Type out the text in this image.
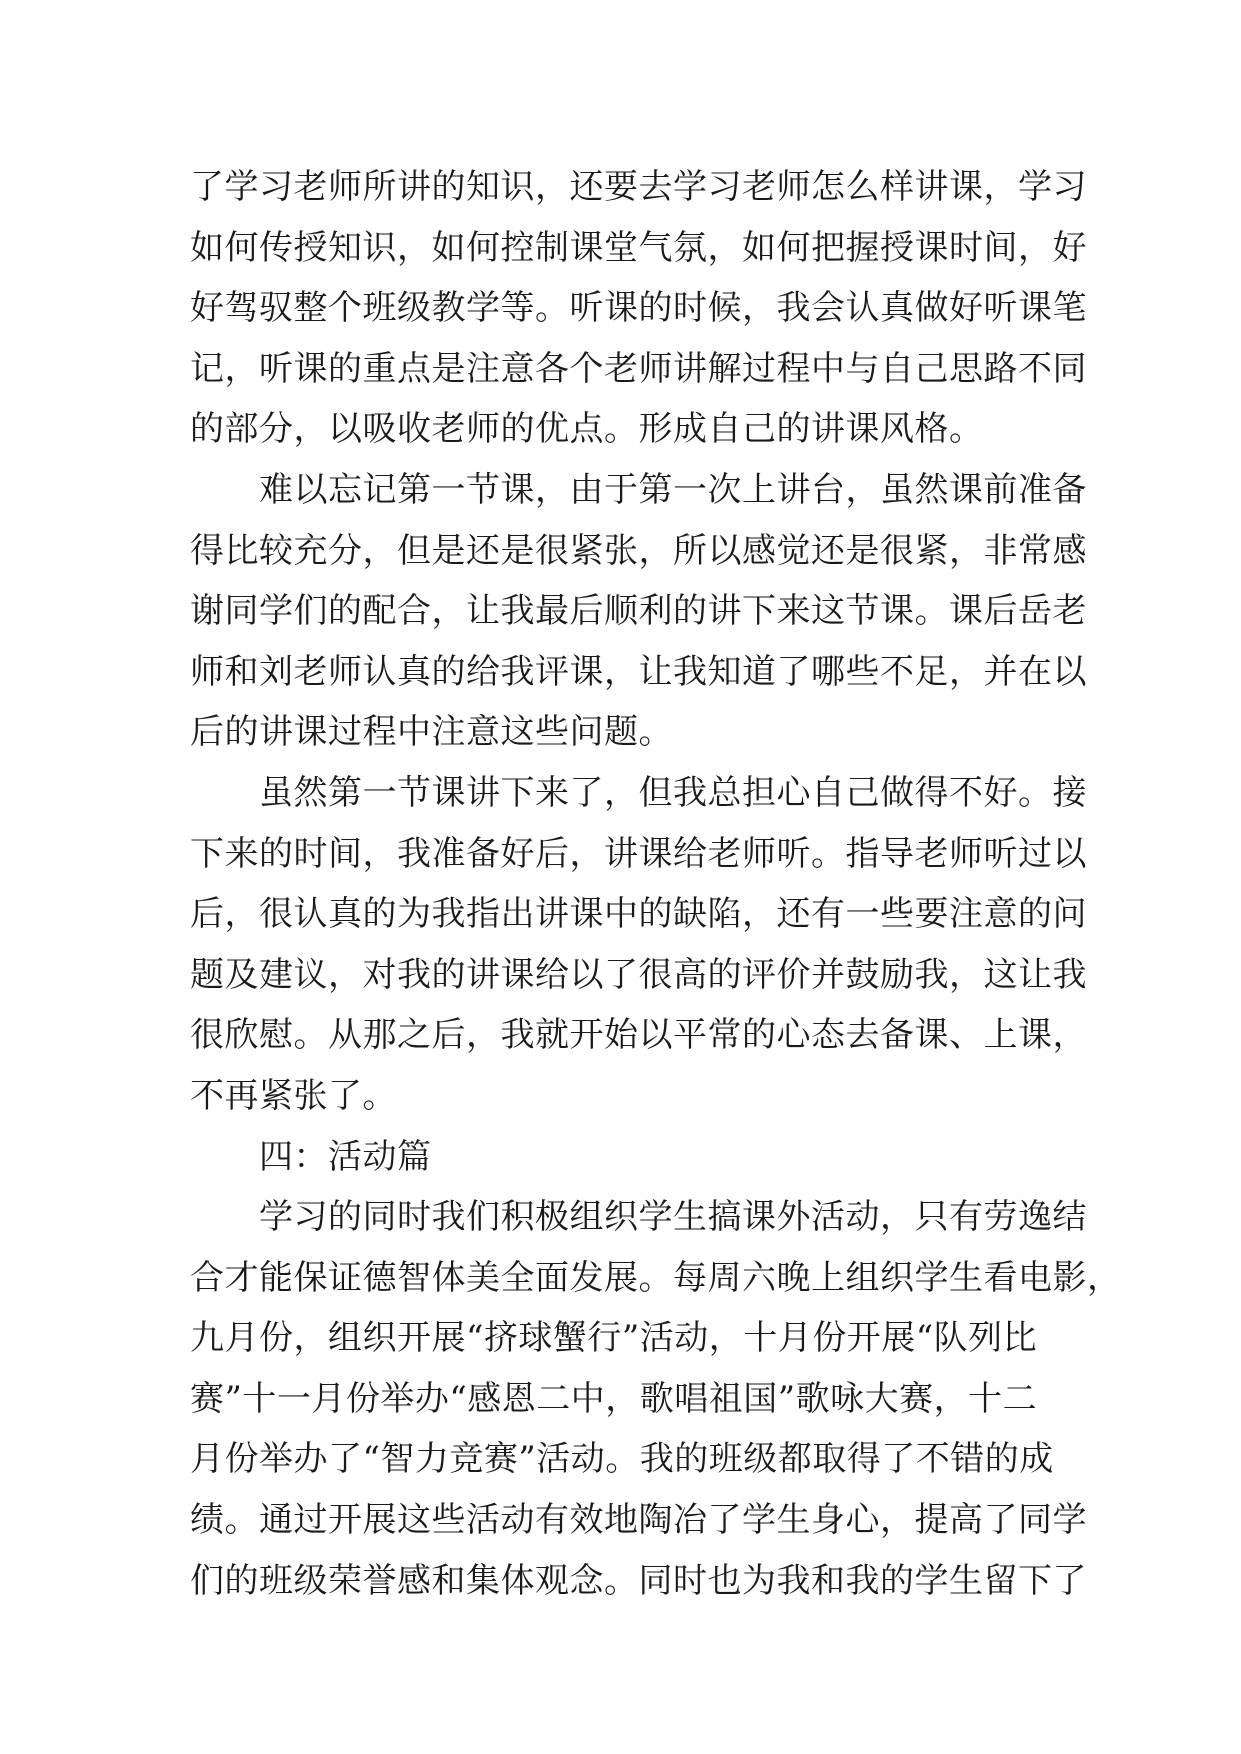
了学习老师所讲的知识，还要去学习老师怎么样讲课，学习
如何传授知识，如何控制课堂气氛，如何把握授课时间，好
好驾驭整个班级教学等。听课的时候，我会认真做好听课笔
记，听课的重点是注意各个老师讲解过程中与自己思路不同
的部分，以吸收老师的优点。形成自己的讲课风格。
　　难以忘记第一节课，由于第一次上讲台，虽然课前准备
得比较充分，但是还是很紧张，所以感觉还是很紧，非常感
谢同学们的配合，让我最后顺利的讲下来这节课。课后岳老
师和刘老师认真的给我评课，让我知道了哪些不足，并在以
后的讲课过程中注意这些问题。
　　虽然第一节课讲下来了，但我总担心自己做得不好。接
下来的时间，我准备好后，讲课给老师听。指导老师听过以
后，很认真的为我指出讲课中的缺陷，还有一些要注意的问
题及建议，对我的讲课给以了很高的评价并鼓励我，这让我
很欣慰。从那之后，我就开始以平常的心态去备课、上课，
不再紧张了。
　　四：活动篇
　　学习的同时我们积极组织学生搞课外活动，只有劳逸结
合才能保证德智体美全面发展。每周六晚上组织学生看电影，
九月份，组织开展“挤球蟹行”活动，十月份开展“队列比
赛”十一月份举办“感恩二中，歌唱祖国”歌咏大赛，十二
月份举办了“智力竞赛”活动。我的班级都取得了不错的成
绩。通过开展这些活动有效地陶冶了学生身心，提高了同学
们的班级荣誉感和集体观念。同时也为我和我的学生留下了
